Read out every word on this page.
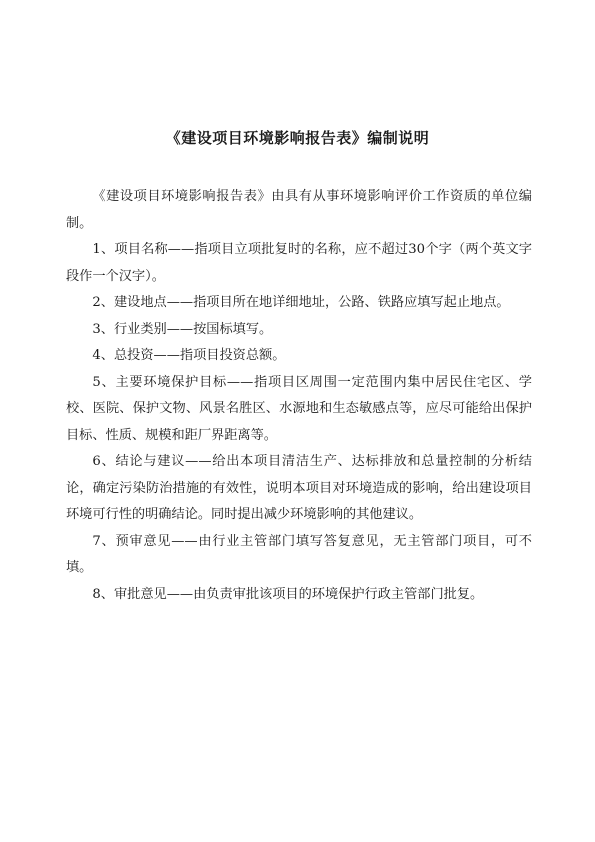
《建设项目环境影响报告表》编制说明

《建设项目环境影响报告表》由具有从事环境影响评价工作资质的单位编制。

1、项目名称——指项目立项批复时的名称，应不超过30个字（两个英文字段作一个汉字）。

2、建设地点——指项目所在地详细地址，公路、铁路应填写起止地点。

3、行业类别——按国标填写。

4、总投资——指项目投资总额。

5、主要环境保护目标——指项目区周围一定范围内集中居民住宅区、学校、医院、保护文物、风景名胜区、水源地和生态敏感点等，应尽可能给出保护目标、性质、规模和距厂界距离等。

6、结论与建议——给出本项目清洁生产、达标排放和总量控制的分析结论，确定污染防治措施的有效性，说明本项目对环境造成的影响，给出建设项目环境可行性的明确结论。同时提出减少环境影响的其他建议。

7、预审意见——由行业主管部门填写答复意见，无主管部门项目，可不填。

8、审批意见——由负责审批该项目的环境保护行政主管部门批复。
